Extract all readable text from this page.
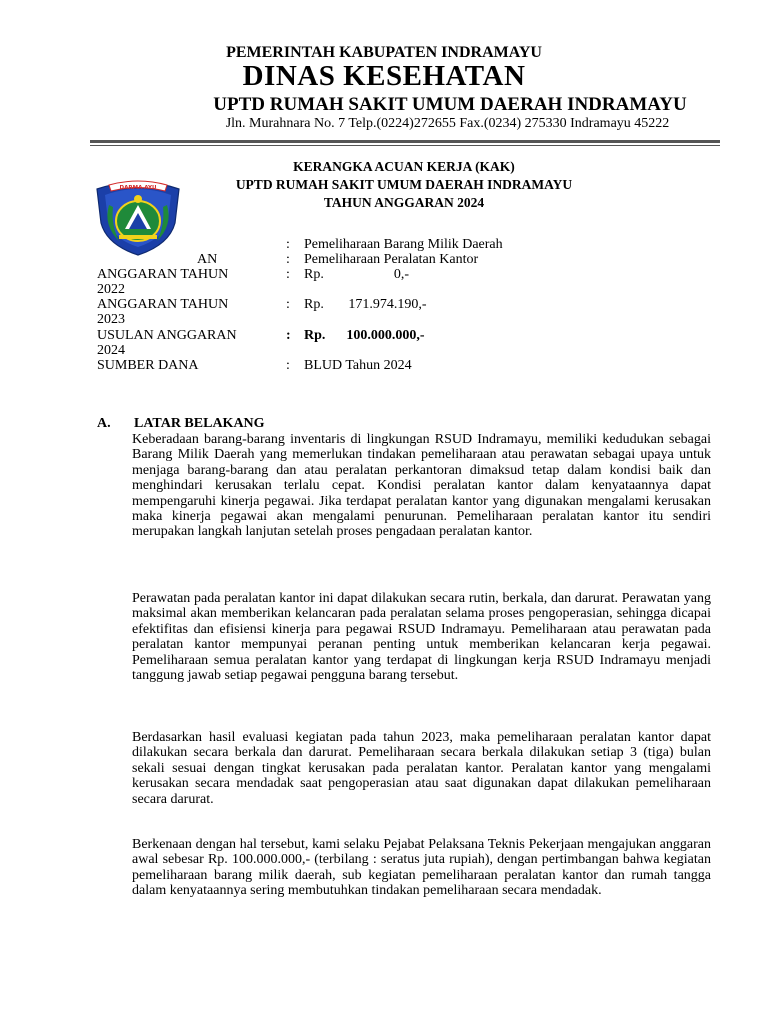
PEMERINTAH KABUPATEN INDRAMAYU
DINAS KESEHATAN
UPTD RUMAH SAKIT UMUM DAERAH INDRAMAYU
Jln. Murahnara No. 7 Telp.(0224)272655 Fax.(0234) 275330 Indramayu 45222
DARMA AYU
KERANGKA ACUAN KERJA (KAK)
UPTD RUMAH SAKIT UMUM DAERAH INDRAMAYU
TAHUN ANGGARAN 2024
: Pemeliharaan Barang Milik Daerah
AN	: Pemeliharaan Peralatan Kantor
ANGGARAN TAHUN 2022
: Rp.                    0,-
ANGGARAN TAHUN 2023
: Rp.       171.974.190,-
USULAN ANGGARAN 2024
: Rp.      100.000.000,-
SUMBER DANA	: BLUD Tahun 2024
A. LATAR BELAKANG
Keberadaan barang-barang inventaris di lingkungan RSUD Indramayu, memiliki kedudukan sebagai Barang Milik Daerah yang memerlukan tindakan pemeliharaan atau perawatan sebagai upaya untuk menjaga barang-barang dan atau peralatan perkantoran dimaksud tetap dalam kondisi baik dan menghindari kerusakan terlalu cepat. Kondisi peralatan kantor dalam kenyataannya dapat mempengaruhi kinerja pegawai. Jika terdapat peralatan kantor yang digunakan mengalami kerusakan maka kinerja pegawai akan mengalami penurunan. Pemeliharaan peralatan kantor itu sendiri merupakan langkah lanjutan setelah proses pengadaan peralatan kantor.
Perawatan pada peralatan kantor ini dapat dilakukan secara rutin, berkala, dan darurat. Perawatan yang maksimal akan memberikan kelancaran pada peralatan selama proses pengoperasian, sehingga dicapai efektifitas dan efisiensi kinerja para pegawai RSUD Indramayu. Pemeliharaan atau perawatan pada peralatan kantor mempunyai peranan penting untuk memberikan kelancaran kerja pegawai. Pemeliharaan semua peralatan kantor yang terdapat di lingkungan kerja RSUD Indramayu menjadi tanggung jawab setiap pegawai pengguna barang tersebut.
Berdasarkan hasil evaluasi kegiatan pada tahun 2023, maka pemeliharaan peralatan kantor dapat dilakukan secara berkala dan darurat. Pemeliharaan secara berkala dilakukan setiap 3 (tiga) bulan sekali sesuai dengan tingkat kerusakan pada peralatan kantor. Peralatan kantor yang mengalami kerusakan secara mendadak saat pengoperasian atau saat digunakan dapat dilakukan pemeliharaan secara darurat.
Berkenaan dengan hal tersebut, kami selaku Pejabat Pelaksana Teknis Pekerjaan mengajukan anggaran awal sebesar Rp. 100.000.000,- (terbilang : seratus juta rupiah), dengan pertimbangan bahwa kegiatan pemeliharaan barang milik daerah, sub kegiatan pemeliharaan peralatan kantor dan rumah tangga dalam kenyataannya sering membutuhkan tindakan pemeliharaan secara mendadak.
